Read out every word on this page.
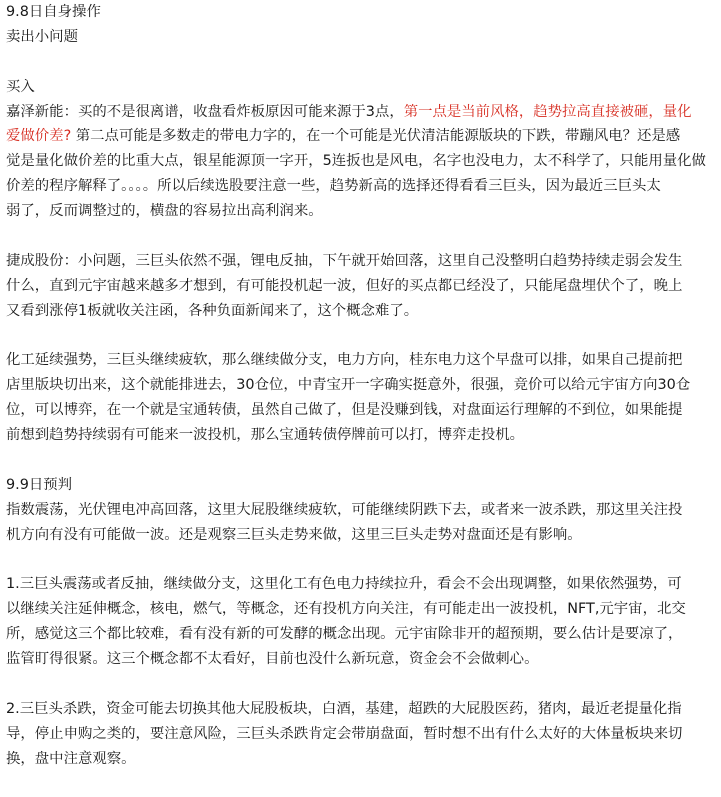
9.8日自身操作
卖出小问题
买入
嘉泽新能：买的不是很离谱，收盘看炸板原因可能来源于3点，第一点是当前风格，趋势拉高直接被砸，量化
爱做价差? 第二点可能是多数走的带电力字的，在一个可能是光伏清洁能源版块的下跌，带蹦风电？还是感
觉是量化做价差的比重大点，银星能源顶一字开，5连扳也是风电，名字也没电力，太不科学了，只能用量化做
价差的程序解释了。。。。所以后续选股要注意一些，趋势新高的选择还得看看三巨头，因为最近三巨头太
弱了，反而调整过的，横盘的容易拉出高利润来。
捷成股份：小问题，三巨头依然不强，锂电反抽，下午就开始回落，这里自己没整明白趋势持续走弱会发生
什么，直到元宇宙越来越多才想到，有可能投机起一波，但好的买点都已经没了，只能尾盘埋伏个了，晚上
又看到涨停1板就收关注函，各种负面新闻来了，这个概念难了。
化工延续强势，三巨头继续疲软，那么继续做分支，电力方向，桂东电力这个早盘可以排，如果自己提前把
店里版块切出来，这个就能排进去，30仓位，中青宝开一字确实挺意外，很强，竞价可以给元宇宙方向30仓
位，可以博弈，在一个就是宝通转债，虽然自己做了，但是没赚到钱，对盘面运行理解的不到位，如果能提
前想到趋势持续弱有可能来一波投机，那么宝通转债停牌前可以打，博弈走投机。
9.9日预判
指数震荡，光伏锂电冲高回落，这里大屁股继续疲软，可能继续阴跌下去，或者来一波杀跌，那这里关注投
机方向有没有可能做一波。还是观察三巨头走势来做，这里三巨头走势对盘面还是有影响。
1.三巨头震荡或者反抽，继续做分支，这里化工有色电力持续拉升，看会不会出现调整，如果依然强势，可
以继续关注延伸概念，核电，燃气，等概念，还有投机方向关注，有可能走出一波投机，NFT,元宇宙，北交
所，感觉这三个都比较难，看有没有新的可发酵的概念出现。元宇宙除非开的超预期，要么估计是要凉了，
监管盯得很紧。这三个概念都不太看好，目前也没什么新玩意，资金会不会做刺心。
2.三巨头杀跌，资金可能去切换其他大屁股板块，白酒，基建，超跌的大屁股医药，猪肉，最近老提量化指
导，停止申购之类的，要注意风险，三巨头杀跌肯定会带崩盘面，暂时想不出有什么太好的大体量板块来切
换，盘中注意观察。
